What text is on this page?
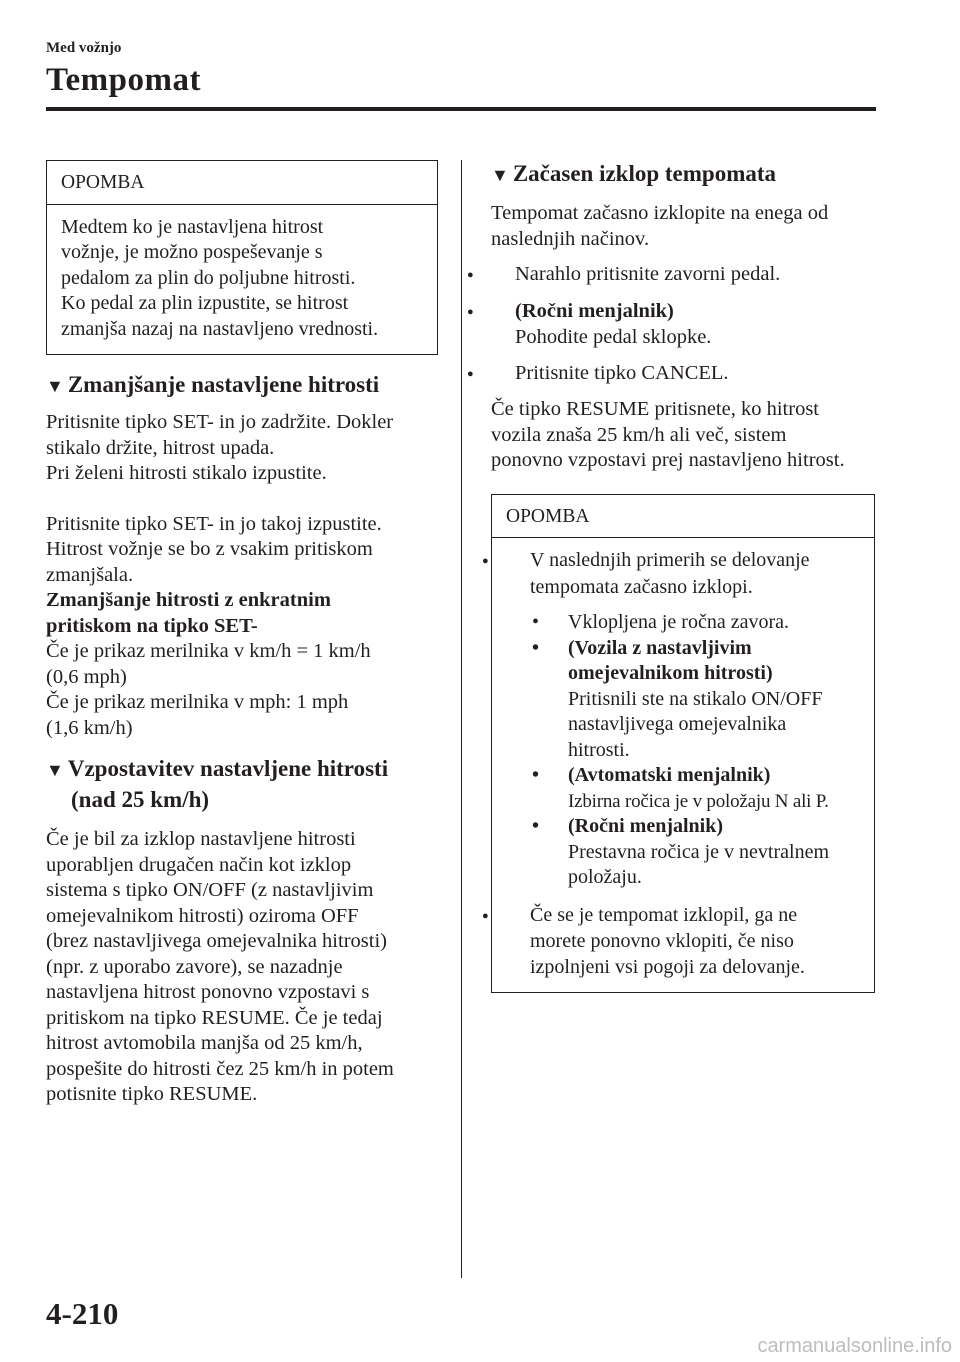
Med vožnjo
Tempomat
OPOMBA
Medtem ko je nastavljena hitrost
vožnje, je možno pospeševanje s
pedalom za plin do poljubne hitrosti.
Ko pedal za plin izpustite, se hitrost
zmanjša nazaj na nastavljeno vrednosti.
▼ Zmanjšanje nastavljene hitrosti

Pritisnite tipko SET- in jo zadržite. Dokler
stikalo držite, hitrost upada.
Pri želeni hitrosti stikalo izpustite.

Pritisnite tipko SET- in jo takoj izpustite.
Hitrost vožnje se bo z vsakim pritiskom
zmanjšala.

Zmanjšanje hitrosti z enkratnim
pritiskom na tipko SET-

Če je prikaz merilnika v km/h = 1 km/h
(0,6 mph)
Če je prikaz merilnika v mph: 1 mph
(1,6 km/h)

▼ Vzpostavitev nastavljene hitrosti
(nad 25 km/h)

Če je bil za izklop nastavljene hitrosti
uporabljen drugačen način kot izklop
sistema s tipko ON/OFF (z nastavljivim
omejevalnikom hitrosti) oziroma OFF
(brez nastavljivega omejevalnika hitrosti)
(npr. z uporabo zavore), se nazadnje
nastavljena hitrost ponovno vzpostavi s
pritiskom na tipko RESUME. Če je tedaj
hitrost avtomobila manjša od 25 km/h,
pospešite do hitrosti čez 25 km/h in potem
potisnite tipko RESUME.

▼ Začasen izklop tempomata

Tempomat začasno izklopite na enega od
naslednjih načinov.

● Narahlo pritisnite zavorni pedal.

● (Ročni menjalnik)
Pohodite pedal sklopke.

● Pritisnite tipko CANCEL.

Če tipko RESUME pritisnete, ko hitrost
vozila znaša 25 km/h ali več, sistem
ponovno vzpostavi prej nastavljeno hitrost.

OPOMBA

● V naslednjih primerih se delovanje
tempomata začasno izklopi.

• Vklopljena je ročna zavora.

• (Vozila z nastavljivim

omejevalnikom hitrosti)
Pritisnili ste na stikalo ON/OFF
nastavljivega omejevalnika
hitrosti.

• (Avtomatski menjalnik)

Izbirna ročica je v položaju N ali P.

• (Ročni menjalnik)

Prestavna ročica je v nevtralnem
položaju.

● Če se je tempomat izklopil, ga ne
morete ponovno vklopiti, če niso
izpolnjeni vsi pogoji za delovanje.

4-210
carmanualsonline.info
